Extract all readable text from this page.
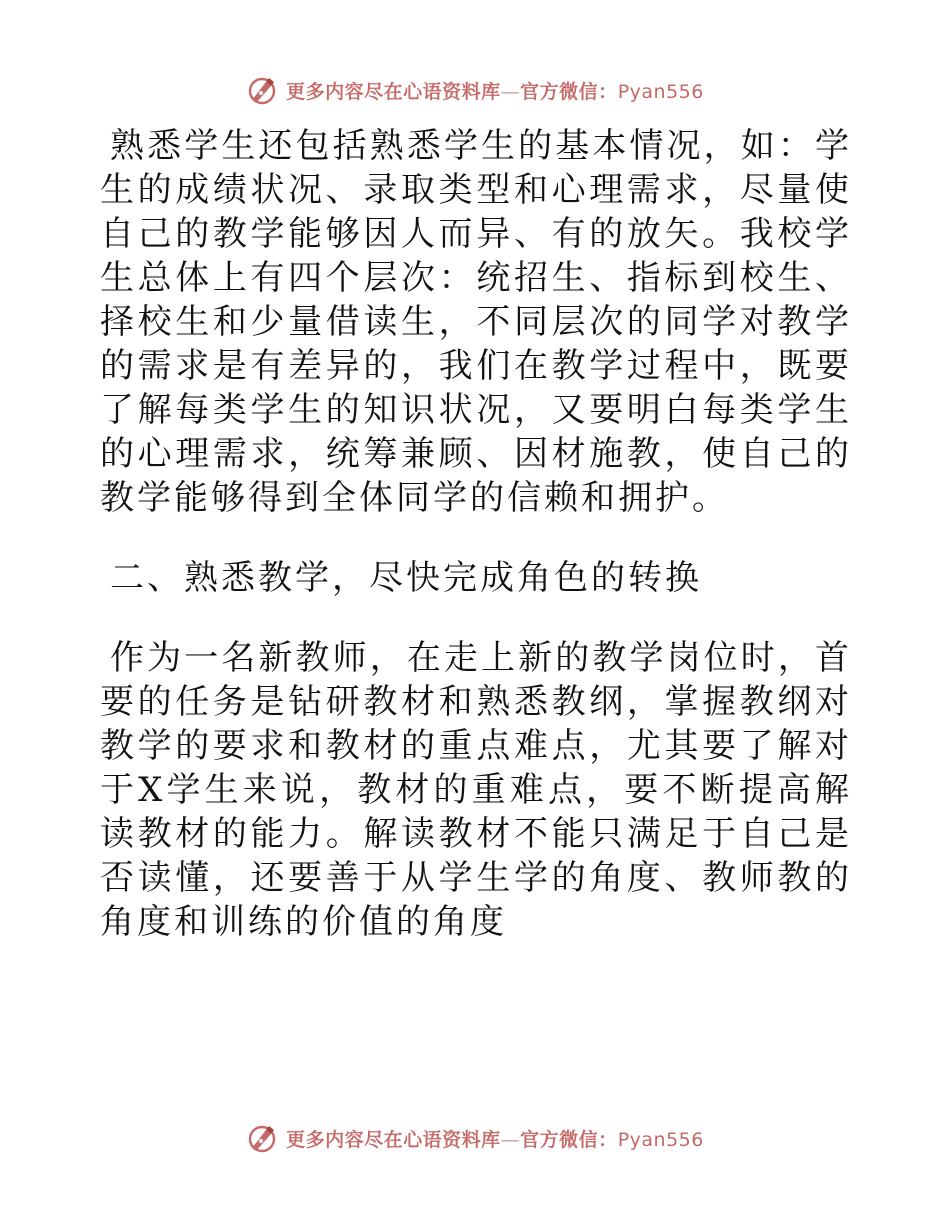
更多内容尽在心语资料库—官方微信：Pyan556

熟悉学生还包括熟悉学生的基本情况，如：学生的成绩状况、录取类型和心理需求，尽量使自己的教学能够因人而异、有的放矢。我校学生总体上有四个层次：统招生、指标到校生、择校生和少量借读生，不同层次的同学对教学的需求是有差异的，我们在教学过程中，既要了解每类学生的知识状况，又要明白每类学生的心理需求，统筹兼顾、因材施教，使自己的教学能够得到全体同学的信赖和拥护。

二、熟悉教学，尽快完成角色的转换

作为一名新教师，在走上新的教学岗位时，首要的任务是钻研教材和熟悉教纲，掌握教纲对教学的要求和教材的重点难点，尤其要了解对于X学生来说，教材的重难点，要不断提高解读教材的能力。解读教材不能只满足于自己是否读懂，还要善于从学生学的角度、教师教的角度和训练的价值的角度

更多内容尽在心语资料库—官方微信：Pyan556
